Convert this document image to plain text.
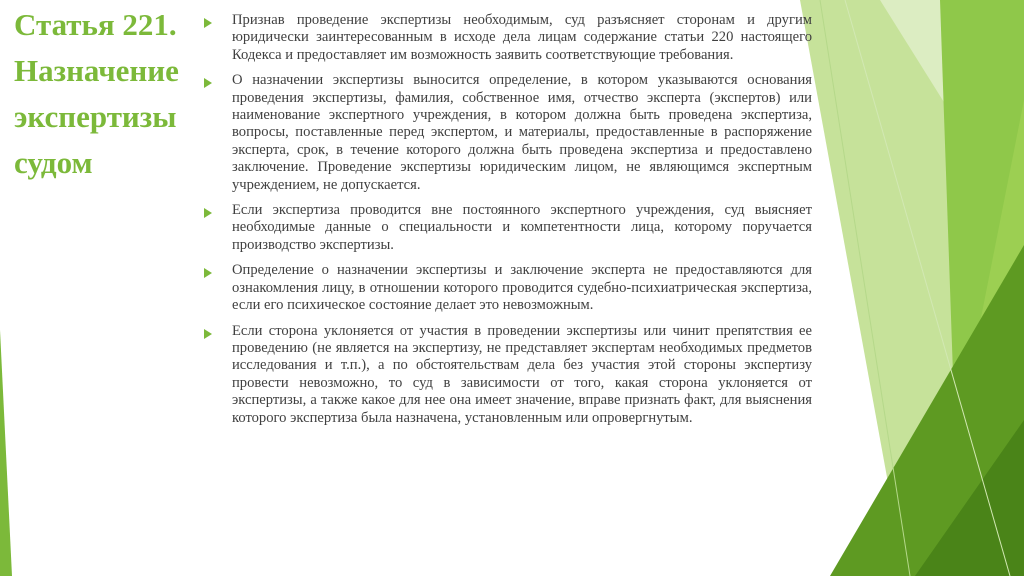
Статья 221.
Назначение
экспертизы
судом
Признав проведение экспертизы необходимым, суд разъясняет сторонам и другим юридически заинтересованным в исходе дела лицам содержание статьи 220 настоящего Кодекса и предоставляет им возможность заявить соответствующие требования.
О назначении экспертизы выносится определение, в котором указываются основания проведения экспертизы, фамилия, собственное имя, отчество эксперта (экспертов) или наименование экспертного учреждения, в котором должна быть проведена экспертиза, вопросы, поставленные перед экспертом, и материалы, предоставленные в распоряжение эксперта, срок, в течение которого должна быть проведена экспертиза и предоставлено заключение. Проведение экспертизы юридическим лицом, не являющимся экспертным учреждением, не допускается.
Если экспертиза проводится вне постоянного экспертного учреждения, суд выясняет необходимые данные о специальности и компетентности лица, которому поручается производство экспертизы.
Определение о назначении экспертизы и заключение эксперта не предоставляются для ознакомления лицу, в отношении которого проводится судебно-психиатрическая экспертиза, если его психическое состояние делает это невозможным.
Если сторона уклоняется от участия в проведении экспертизы или чинит препятствия ее проведению (не является на экспертизу, не представляет экспертам необходимых предметов исследования и т.п.), а по обстоятельствам дела без участия этой стороны экспертизу провести невозможно, то суд в зависимости от того, какая сторона уклоняется от экспертизы, а также какое для нее она имеет значение, вправе признать факт, для выяснения которого экспертиза была назначена, установленным или опровергнутым.
